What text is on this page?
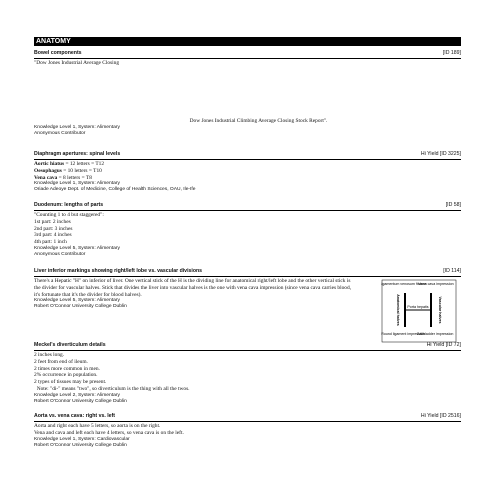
ANATOMY
Bowel components	[ID 189]
"Dow Jones Industrial Average Closing
Dow Jones Industrial Climbing Average Closing Stock Report".
Knowledge Level 1, System: Alimentary
Anonymous Contributor
Diaphragm apertures: spinal levels	Hi Yield [ID 3225]
Aortic hiatus = 12 letters = T12
Oesophagus = 10 letters = T10
Vena cava = 8 letters = T8
Knowledge Level 1, System: Alimentary
Oriade Adeoye Dept. of Medicine, College of Health Sciences, OAU, Ile-Ife
Duodenum: lengths of parts	[ID 58]
"Counting 1 to 4 but staggered":
1st part: 2 inches
2nd part: 3 inches
3rd part: 4 inches
4th part: 1 inch
Knowledge Level 5, System: Alimentary
Anonymous Contributor
Liver inferior markings showing right/left lobe vs. vascular divisions	[ID 114]
There's a Hepatic "H" on inferior of liver. One vertical stick of the H is the dividing line for anatomical right/left lobe and the other vertical stick is the divider for vascular halves. Stick that divides the liver into vascular halves is the one with vena cava impression (since vena cava carries blood, it's fortunate that it's the divider for blood halves).
Knowledge Level 5, System: Alimentary
Robert O'Connor University College Dublin
Ligamentum venosum fissure
Vena cava impression
Porta hepatis
Round ligament impression
Gallbladder impression
Anatomical halves	Vascular halves
Meckel's diverticulum details	Hi Yield [ID 72]
2 inches long.
2 feet from end of ileum.
2 times more common in men.
2% occurrence in population.
2 types of tissues may be present.
Note: "di-" means "two", so diverticulum is the thing with all the twos.
Knowledge Level 2, System: Alimentary
Robert O'Connor University College Dublin
Aorta vs. vena cava: right vs. left	Hi Yield [ID 2516]
Aorta and right each have 5 letters, so aorta is on the right.
Vena and cava and left each have 4 letters, so vena cava is on the left.
Knowledge Level 1, System: Cardiovascular
Robert O'Connor University College Dublin
